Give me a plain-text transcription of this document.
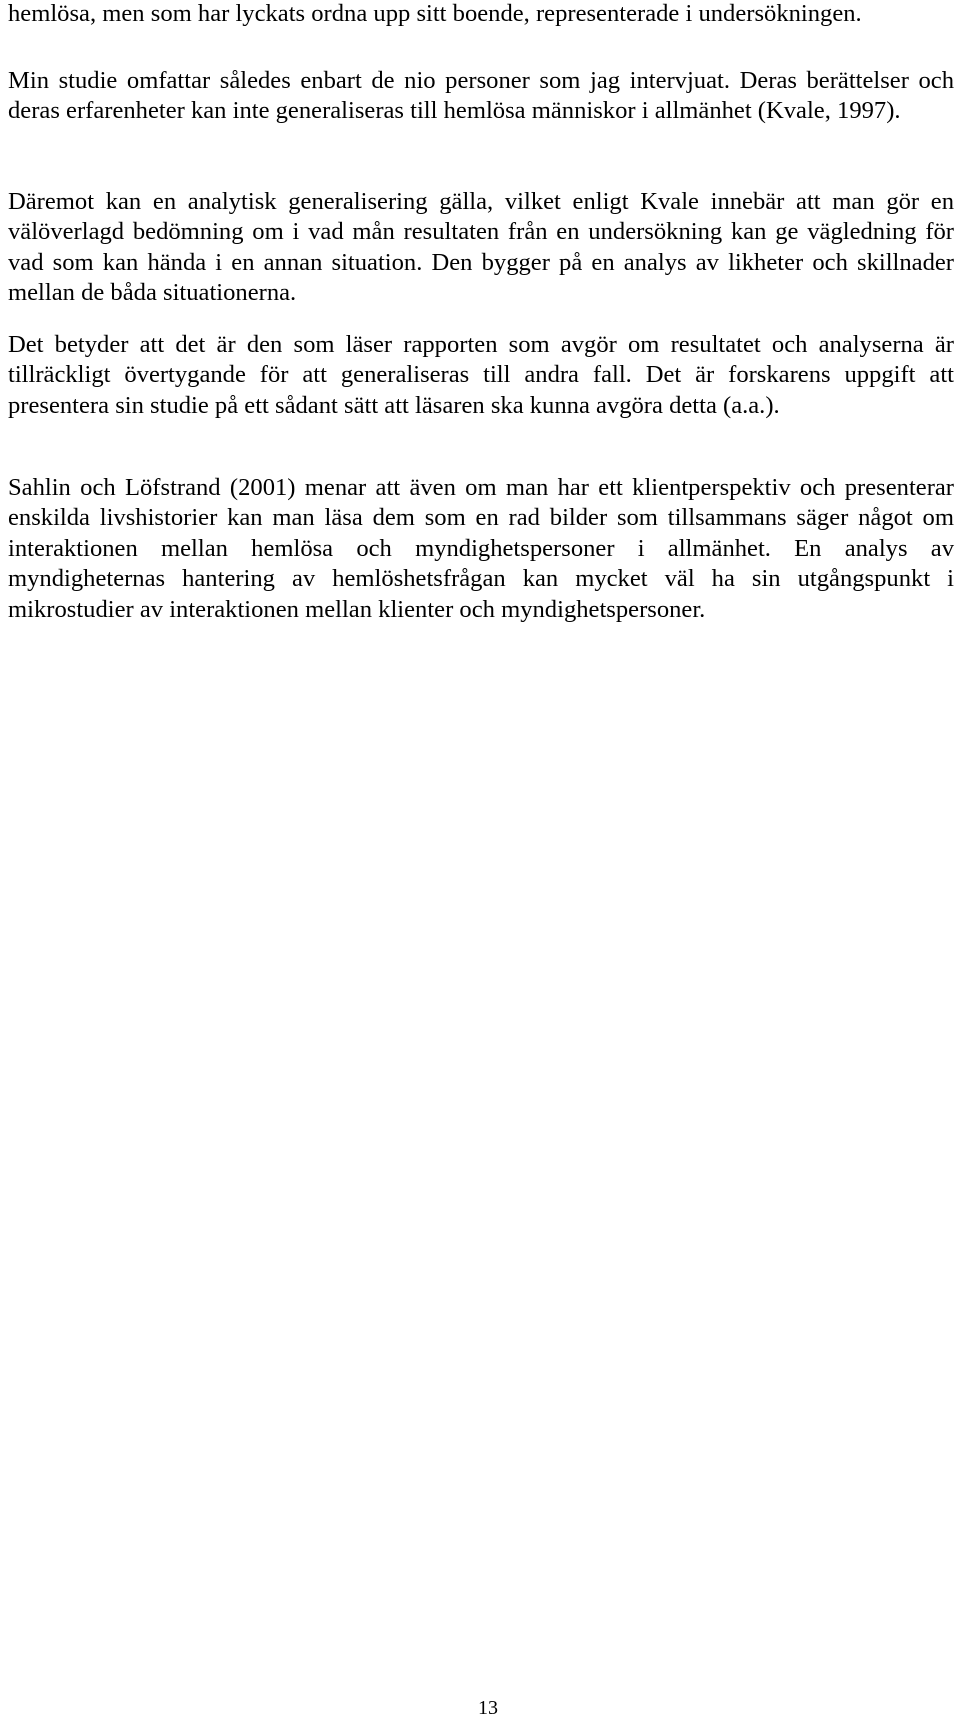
hemlösa, men som har lyckats ordna upp sitt boende, representerade i undersökningen.

Min studie omfattar således enbart de nio personer som jag intervjuat. Deras berättelser och deras erfarenheter kan inte generaliseras till hemlösa människor i allmänhet (Kvale, 1997).

Däremot kan en analytisk generalisering gälla, vilket enligt Kvale innebär att man gör en välöverlagd bedömning om i vad mån resultaten från en undersökning kan ge vägledning för vad som kan hända i en annan situation. Den bygger på en analys av likheter och skillnader mellan de båda situationerna.

Det betyder att det är den som läser rapporten som avgör om resultatet och analyserna är tillräckligt övertygande för att generaliseras till andra fall. Det är forskarens uppgift att presentera sin studie på ett sådant sätt att läsaren ska kunna avgöra detta (a.a.).

Sahlin och Löfstrand (2001) menar att även om man har ett klientperspektiv och presenterar enskilda livshistorier kan man läsa dem som en rad bilder som tillsammans säger något om interaktionen mellan hemlösa och myndighetspersoner i allmänhet. En analys av myndigheternas hantering av hemlöshetsfrågan kan mycket väl ha sin utgångspunkt i mikrostudier av interaktionen mellan klienter och myndighetspersoner.

13
